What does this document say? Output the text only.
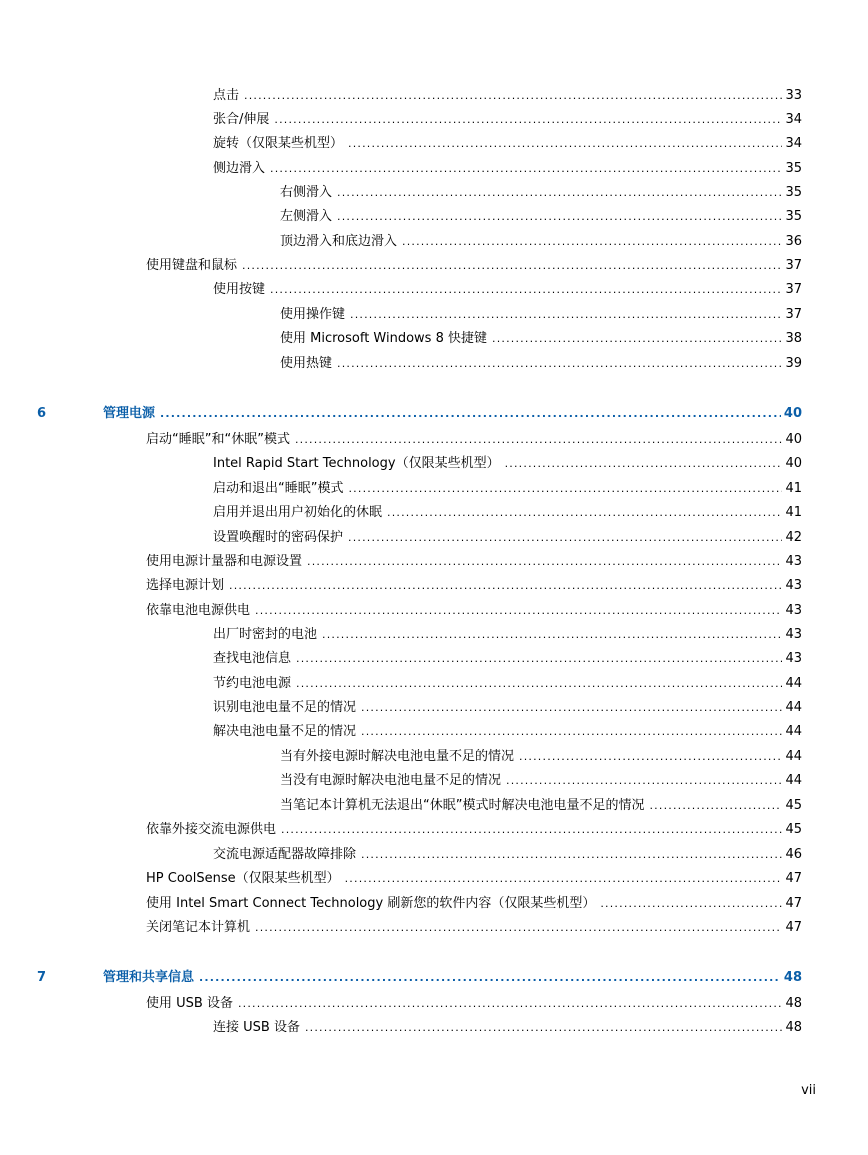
点击 .....	33
张合/伸展 .....	34
旋转（仅限某些机型） .....	34
侧边滑入 .....	35
右侧滑入 .....	35
左侧滑入 .....	35
顶边滑入和底边滑入 .....	36
使用键盘和鼠标 .....	37
使用按键 .....	37
使用操作键 .....	37
使用 Microsoft Windows 8 快捷键 .....	38
使用热键 .....	39
6	管理电源 .....	40
启动“睡眠”和“休眠”模式 .....	40
Intel Rapid Start Technology（仅限某些机型） .....	40
启动和退出“睡眠”模式 .....	41
启用并退出用户初始化的休眠 .....	41
设置唤醒时的密码保护 .....	42
使用电源计量器和电源设置 .....	43
选择电源计划 .....	43
依靠电池电源供电 .....	43
出厂时密封的电池 .....	43
查找电池信息 .....	43
节约电池电源 .....	44
识别电池电量不足的情况 .....	44
解决电池电量不足的情况 .....	44
当有外接电源时解决电池电量不足的情况 .....	44
当没有电源时解决电池电量不足的情况 .....	44
当笔记本计算机无法退出“休眠”模式时解决电池电量不足的情况 .....	45
依靠外接交流电源供电 .....	45
交流电源适配器故障排除 .....	46
HP CoolSense（仅限某些机型） .....	47
使用 Intel Smart Connect Technology 刷新您的软件内容（仅限某些机型） .....	47
关闭笔记本计算机 .....	47
7	管理和共享信息 .....	48
使用 USB 设备 .....	48
连接 USB 设备 .....	48
vii
